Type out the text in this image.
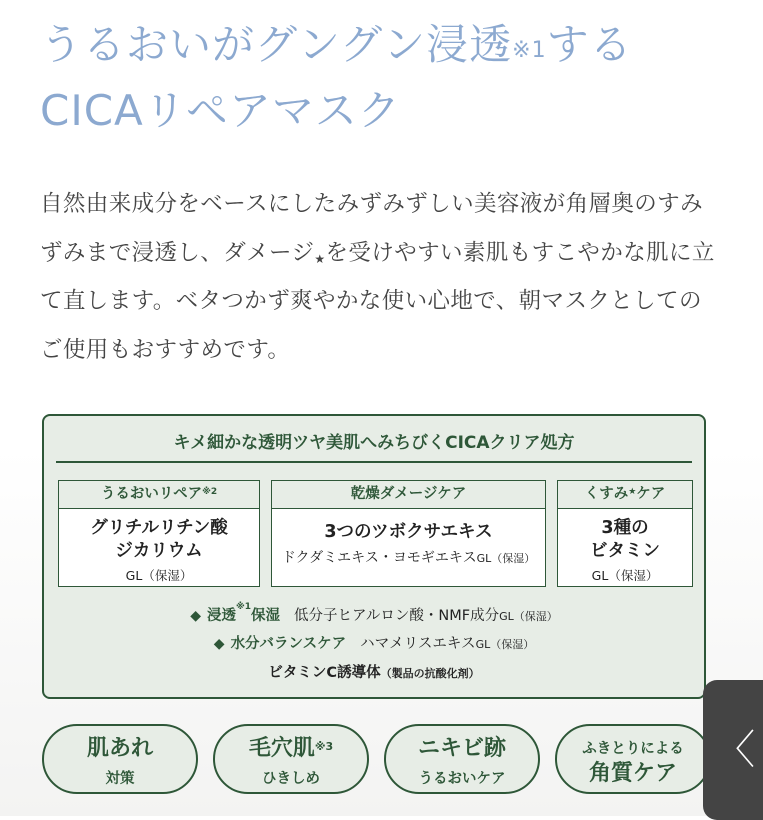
うるおいがグングン浸透$^{※1}$する
CICAリペアマスク
自然由来成分をベースにしたみずみずしい美容液が角層奥のすみずみまで浸透し、ダメージ★を受けやすい素肌もすこやかな肌に立て直します。ベタつかず爽やかな使い心地で、朝マスクとしてのご使用もおすすめです。
キメ細かな透明ツヤ美肌へみちびくCICAクリア処方
うるおいリペア$^{※2}$
グリチルリチン酸
ジカリウム
GL（保湿）
乾燥ダメージケア
3つのツボクサエキス
ドクダミエキス・ヨモギエキスGL（保湿）
くすみ★ケア
3種の
ビタミン
GL（保湿）
◆ 浸透$^{※1}$保湿 低分子ヒアルロン酸・NMF成分GL（保湿）
◆ 水分バランスケア ハマメリスエキスGL（保湿）
ビタミンC誘導体（製品の抗酸化剤）
肌あれ
対策
毛穴肌$^{※3}$
ひきしめ
ニキビ跡
うるおいケア
ふきとりによる
角質ケア
〈
